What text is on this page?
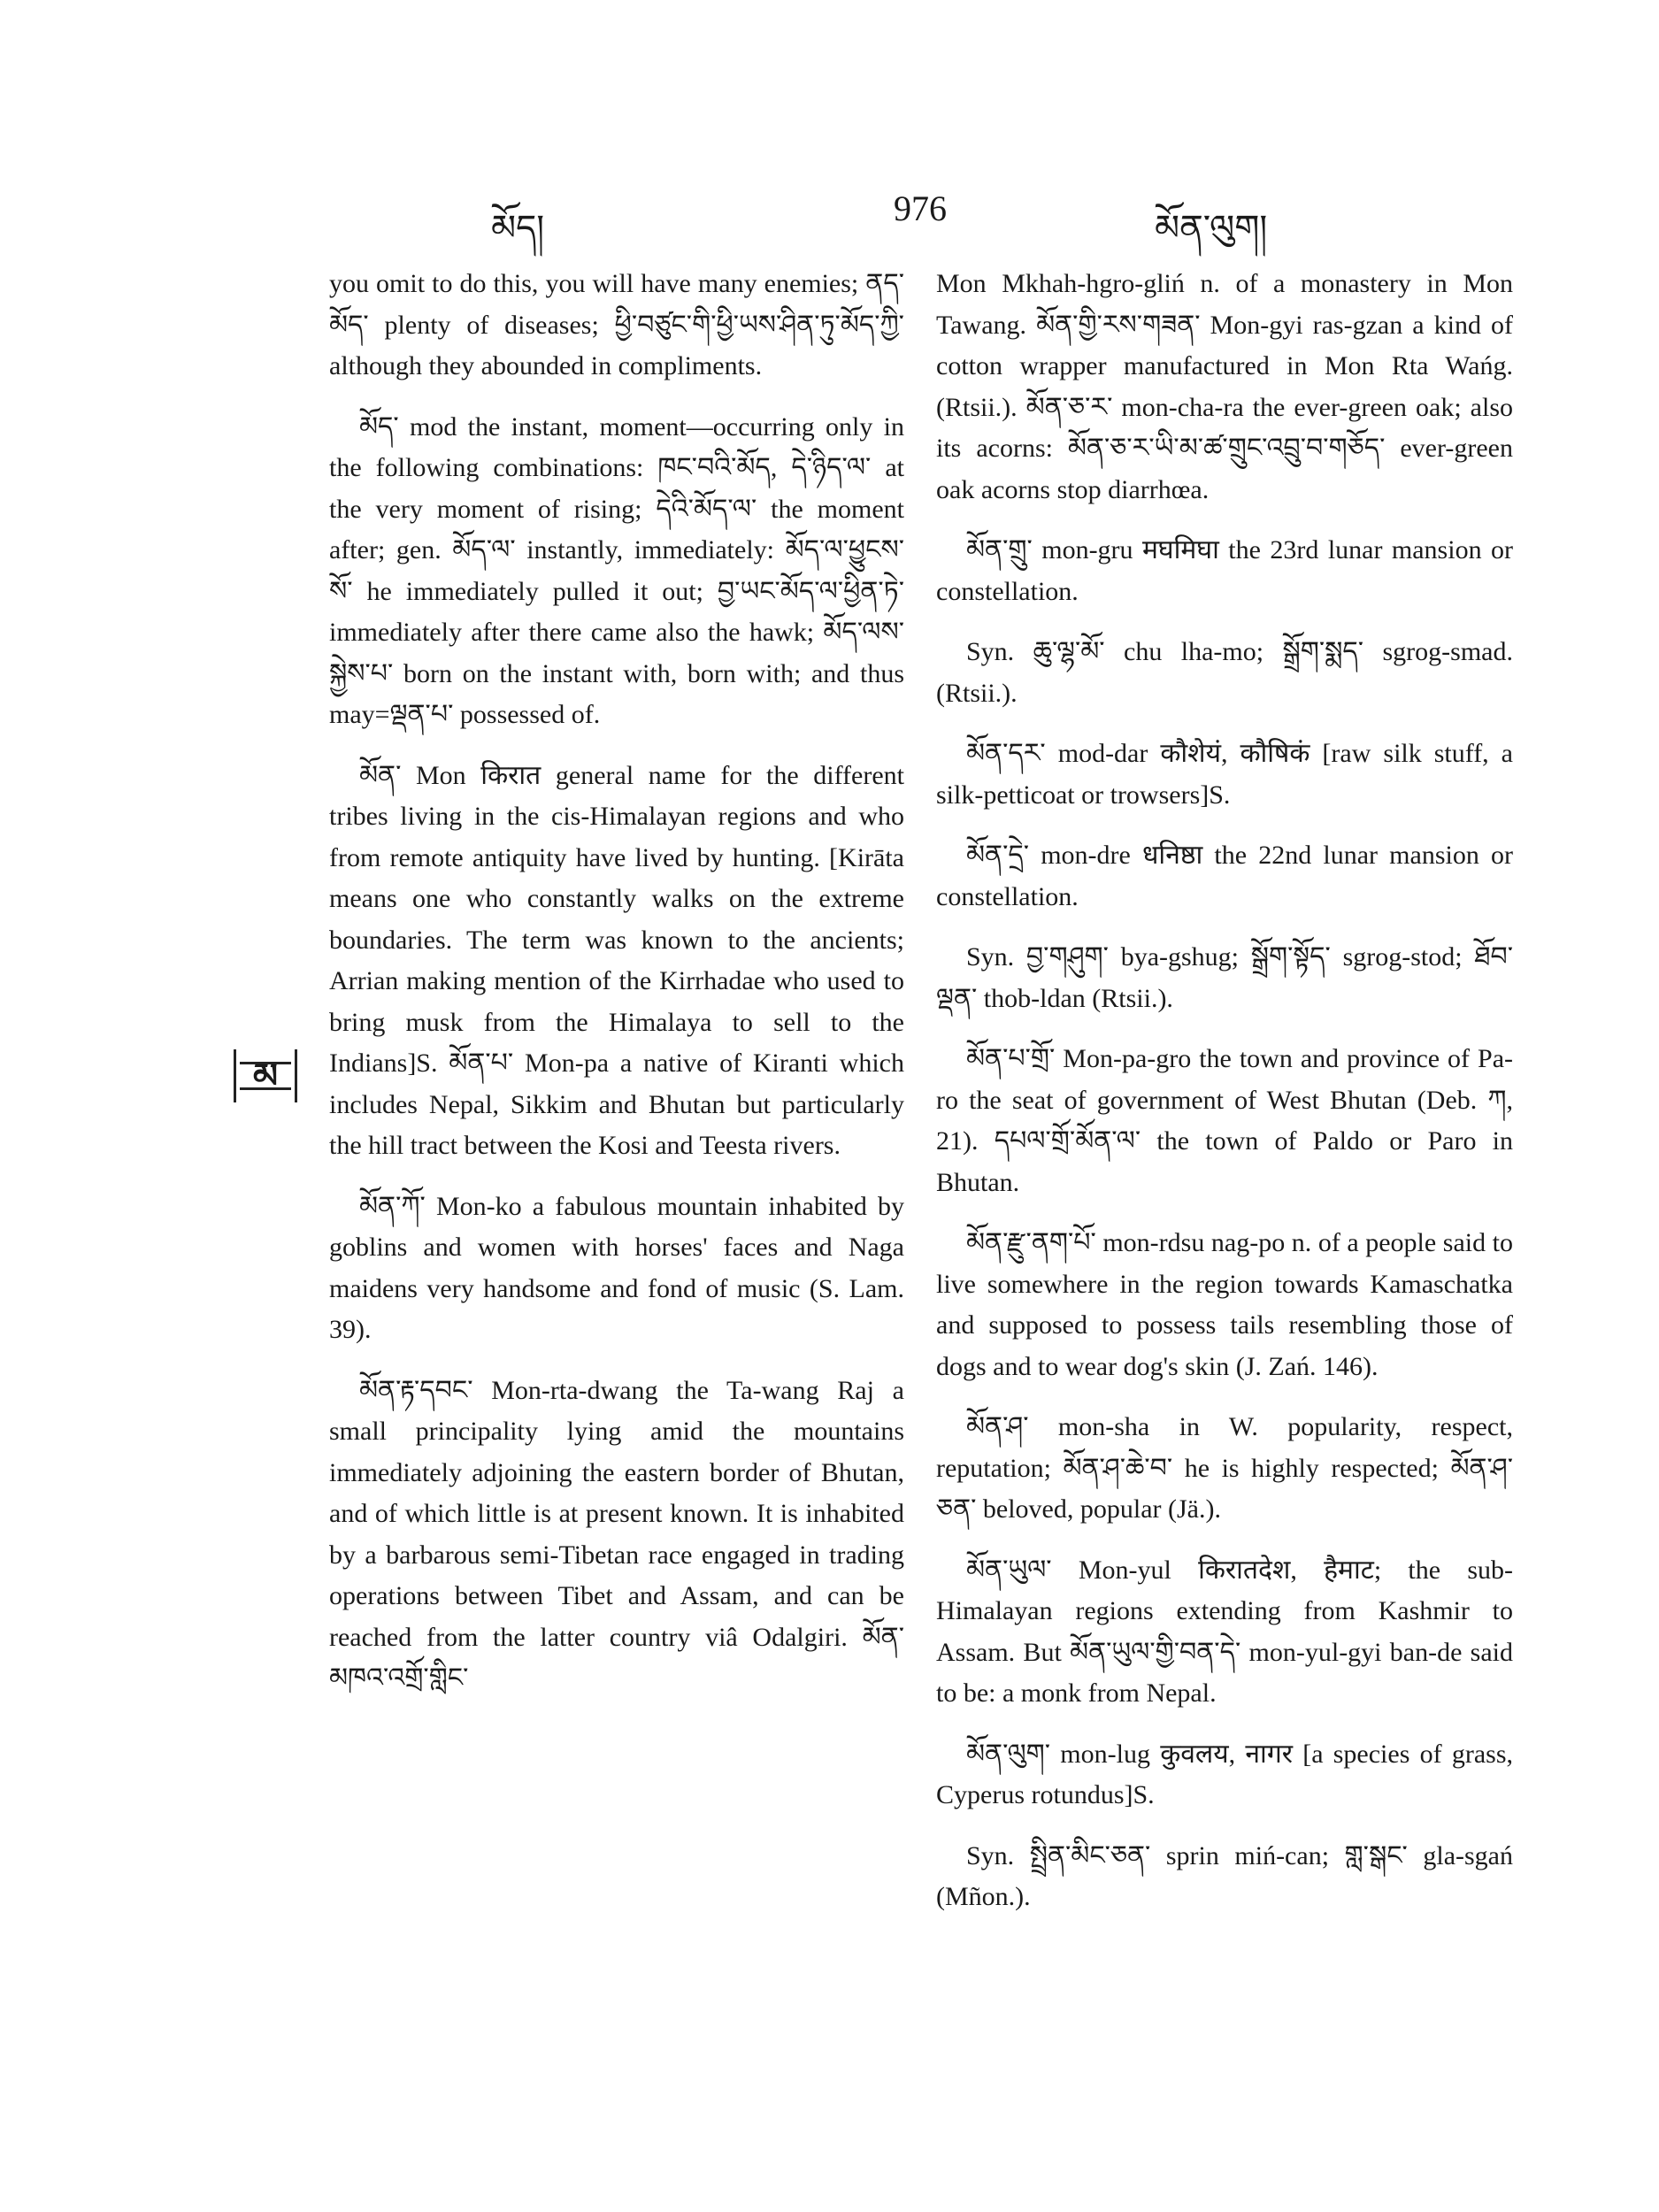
མོད།	976	མོན་ལུག།
མ

you omit to do this, you will have many enemies; ནད་མོད་ plenty of diseases; ཕྱི་བཙུང་གི་ཕྱི་ཡས་ཤིན་ཏུ་མོད་ཀྱི་ although they abounded in compliments.

མོད་ mod the instant, moment—occurring only in the following combinations: ཁང་བའི་མོད, དེ་ཉིད་ལ་ at the very moment of rising; དེའི་མོད་ལ་ the moment after; gen. མོད་ལ་ instantly, immediately: མོད་ལ་ཕྱུངས་སོ་ he immediately pulled it out; བྱ་ཡང་མོད་ལ་ཕྱིན་ཏེ་ immediately after there came also the hawk; མོད་ལས་སྐྱེས་པ་ born on the instant with, born with; and thus may=ལྡན་པ་ possessed of.

མོན་ Mon किरात general name for the different tribes living in the cis-Himalayan regions and who from remote antiquity have lived by hunting. [Kirāta means one who constantly walks on the extreme boundaries. The term was known to the ancients; Arrian making mention of the Kirrhadae who used to bring musk from the Himalaya to sell to the Indians]S. མོན་པ་ Mon-pa a native of Kiranti which includes Nepal, Sikkim and Bhutan but particularly the hill tract between the Kosi and Teesta rivers.

མོན་ཀོ་ Mon-ko a fabulous mountain inhabited by goblins and women with horses' faces and Naga maidens very handsome and fond of music (S. Lam. 39).

མོན་རྟ་དབང་ Mon-rta-dwang the Ta-wang Raj a small principality lying amid the mountains immediately adjoining the eastern border of Bhutan, and of which little is at present known. It is inhabited by a barbarous semi-Tibetan race engaged in trading operations between Tibet and Assam, and can be reached from the latter country viâ Odalgiri. མོན་མཁའ་འགྲོ་གླིང་

Mon Mkhah-hgro-gliń n. of a monastery in Mon Tawang. མོན་གྱི་རས་གཟན་ Mon-gyi ras-gzan a kind of cotton wrapper manufactured in Mon Rta Wańg. (Rtsii.). མོན་ཅ་ར་ mon-cha-ra the ever-green oak; also its acorns: མོན་ཅ་ར་ཡི་མ་ཚ་གྲུང་འབྲུ་བ་གཅོད་ ever-green oak acorns stop diarrhœa.

མོན་གྲུ་ mon-gru मघमिघा the 23rd lunar mansion or constellation.

Syn. ཆུ་ལྷ་མོ་ chu lha-mo; སྒྲོག་སྨད་ sgrog-smad. (Rtsii.).

མོན་དར་ mod-dar कौशेयं, कौषिकं [raw silk stuff, a silk-petticoat or trowsers]S.

མོན་དྲེ་ mon-dre धनिष्ठा the 22nd lunar mansion or constellation.

Syn. བྱ་གཤུག་ bya-gshug; སྒྲོག་སྟོད་ sgrog-stod; ཐོབ་ལྡན་ thob-ldan (Rtsii.).

མོན་པ་གྲོ་ Mon-pa-gro the town and province of Pa-ro the seat of government of West Bhutan (Deb. ཀ, 21). དཔལ་གྲོ་མོན་ལ་ the town of Paldo or Paro in Bhutan.

མོན་རྫུ་ནག་པོ་ mon-rdsu nag-po n. of a people said to live somewhere in the region towards Kamaschatka and supposed to possess tails resembling those of dogs and to wear dog's skin (J. Zań. 146).

མོན་ཤ་ mon-sha in W. popularity, respect, reputation; མོན་ཤ་ཆེ་བ་ he is highly respected; མོན་ཤ་ཅན་ beloved, popular (Jä.).

མོན་ཡུལ་ Mon-yul किरातदेश, हैमाट; the sub-Himalayan regions extending from Kashmir to Assam. But མོན་ཡུལ་གྱི་བན་དེ་ mon-yul-gyi ban-de said to be: a monk from Nepal.

མོན་ལུག་ mon-lug कुवलय, नागर [a species of grass, Cyperus rotundus]S.

Syn. སྤྲིན་མིང་ཅན་ sprin miń-can; གླ་སྒང་ gla-sgań (Mñon.).
